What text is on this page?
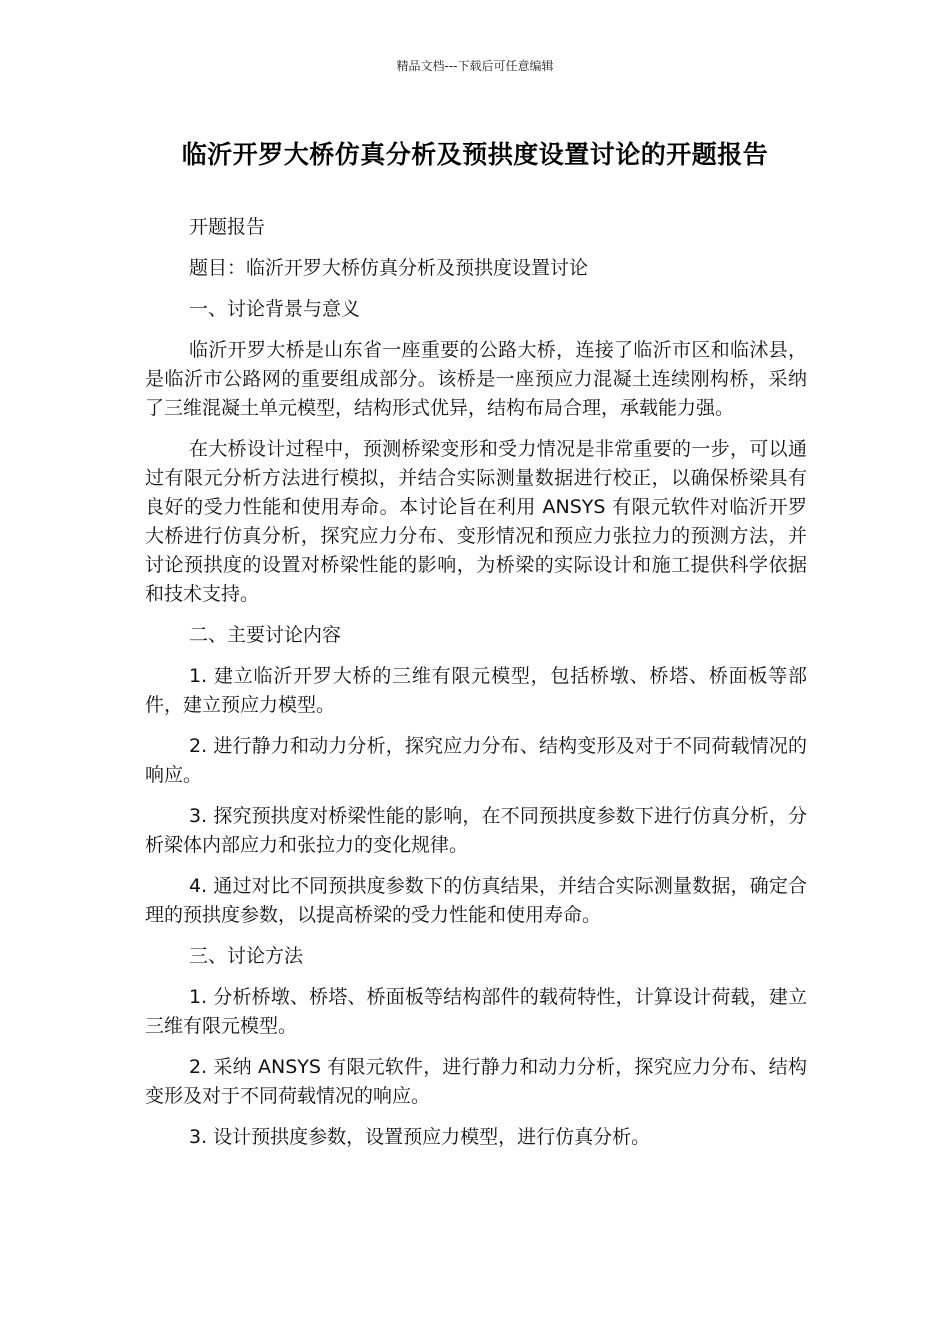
精品文档---下载后可任意编辑
临沂开罗大桥仿真分析及预拱度设置讨论的开题报告

开题报告

题目：临沂开罗大桥仿真分析及预拱度设置讨论

一、讨论背景与意义

临沂开罗大桥是山东省一座重要的公路大桥，连接了临沂市区和临沭县，是临沂市公路网的重要组成部分。该桥是一座预应力混凝土连续刚构桥，采纳了三维混凝土单元模型，结构形式优异，结构布局合理，承载能力强。

在大桥设计过程中，预测桥梁变形和受力情况是非常重要的一步，可以通过有限元分析方法进行模拟，并结合实际测量数据进行校正，以确保桥梁具有良好的受力性能和使用寿命。本讨论旨在利用 ANSYS 有限元软件对临沂开罗大桥进行仿真分析，探究应力分布、变形情况和预应力张拉力的预测方法，并讨论预拱度的设置对桥梁性能的影响，为桥梁的实际设计和施工提供科学依据和技术支持。

二、主要讨论内容

1. 建立临沂开罗大桥的三维有限元模型，包括桥墩、桥塔、桥面板等部件，建立预应力模型。

2. 进行静力和动力分析，探究应力分布、结构变形及对于不同荷载情况的响应。

3. 探究预拱度对桥梁性能的影响，在不同预拱度参数下进行仿真分析，分析梁体内部应力和张拉力的变化规律。

4. 通过对比不同预拱度参数下的仿真结果，并结合实际测量数据，确定合理的预拱度参数，以提高桥梁的受力性能和使用寿命。

三、讨论方法

1. 分析桥墩、桥塔、桥面板等结构部件的载荷特性，计算设计荷载，建立三维有限元模型。

2. 采纳 ANSYS 有限元软件，进行静力和动力分析，探究应力分布、结构变形及对于不同荷载情况的响应。

3. 设计预拱度参数，设置预应力模型，进行仿真分析。
